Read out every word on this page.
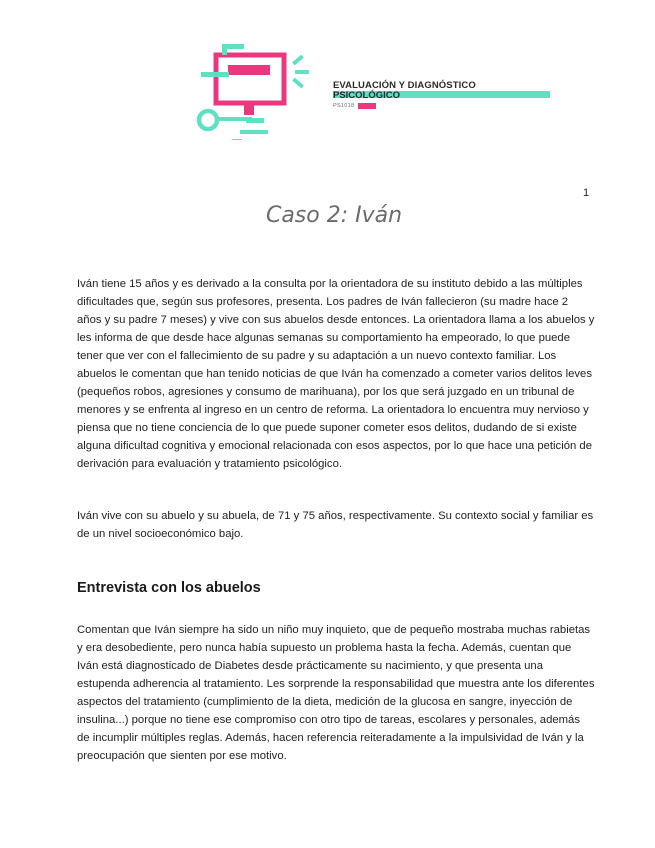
EVALUACIÓN Y DIAGNÓSTICO
PSICOLÓGICO
PS1018
1
Caso 2: Iván

Iván tiene 15 años y es derivado a la consulta por la orientadora de su instituto debido a las múltiples dificultades que, según sus profesores, presenta. Los padres de Iván fallecieron (su madre hace 2 años y su padre 7 meses) y vive con sus abuelos desde entonces. La orientadora llama a los abuelos y les informa de que desde hace algunas semanas su comportamiento ha empeorado, lo que puede tener que ver con el fallecimiento de su padre y su adaptación a un nuevo contexto familiar. Los abuelos le comentan que han tenido noticias de que Iván ha comenzado a cometer varios delitos leves (pequeños robos, agresiones y consumo de marihuana), por los que será juzgado en un tribunal de menores y se enfrenta al ingreso en un centro de reforma. La orientadora lo encuentra muy nervioso y piensa que no tiene conciencia de lo que puede suponer cometer esos delitos, dudando de si existe alguna dificultad cognitiva y emocional relacionada con esos aspectos, por lo que hace una petición de derivación para evaluación y tratamiento psicológico.

Iván vive con su abuelo y su abuela, de 71 y 75 años, respectivamente. Su contexto social y familiar es de un nivel socioeconómico bajo.

Entrevista con los abuelos

Comentan que Iván siempre ha sido un niño muy inquieto, que de pequeño mostraba muchas rabietas y era desobediente, pero nunca había supuesto un problema hasta la fecha. Además, cuentan que Iván está diagnosticado de Diabetes desde prácticamente su nacimiento, y que presenta una estupenda adherencia al tratamiento. Les sorprende la responsabilidad que muestra ante los diferentes aspectos del tratamiento (cumplimiento de la dieta, medición de la glucosa en sangre, inyección de insulina...) porque no tiene ese compromiso con otro tipo de tareas, escolares y personales, además de incumplir múltiples reglas. Además, hacen referencia reiteradamente a la impulsividad de Iván y la preocupación que sienten por ese motivo.
